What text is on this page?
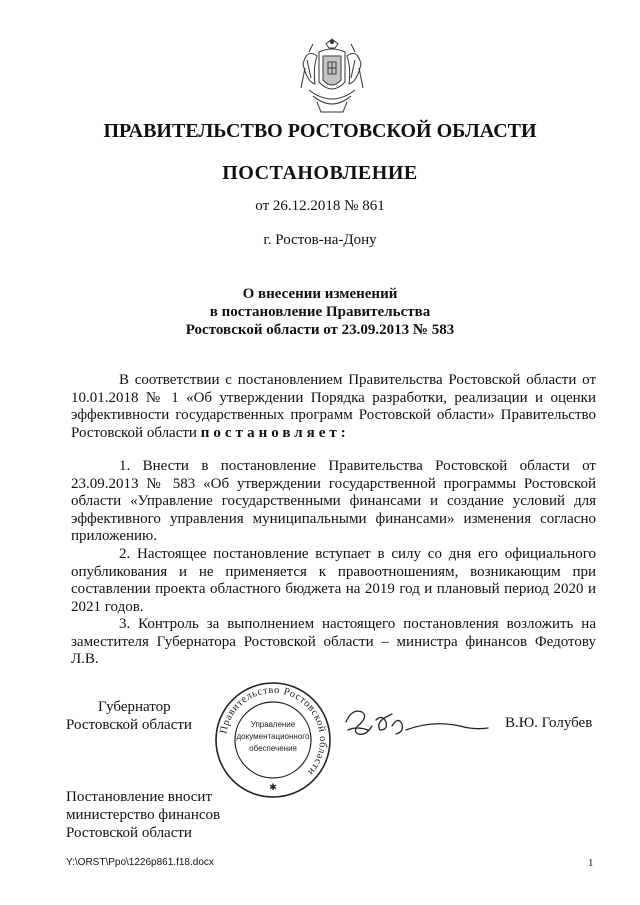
ПРАВИТЕЛЬСТВО РОСТОВСКОЙ ОБЛАСТИ
ПОСТАНОВЛЕНИЕ
от 26.12.2018 № 861
г. Ростов-на-Дону
О внесении изменений
в постановление Правительства
Ростовской области от 23.09.2013 № 583
В соответствии с постановлением Правительства Ростовской области от 10.01.2018 № 1 «Об утверждении Порядка разработки, реализации и оценки эффективности государственных программ Ростовской области» Правительство Ростовской области постановляет:
1. Внести в постановление Правительства Ростовской области от 23.09.2013 № 583 «Об утверждении государственной программы Ростовской области «Управление государственными финансами и создание условий для эффективного управления муниципальными финансами» изменения согласно приложению.
2. Настоящее постановление вступает в силу со дня его официального опубликования и не применяется к правоотношениям, возникающим при составлении проекта областного бюджета на 2019 год и плановый период 2020 и 2021 годов.
3. Контроль за выполнением настоящего постановления возложить на заместителя Губернатора Ростовской области – министра финансов Федотову Л.В.
Губернатор
Ростовской области	Правительство Ростовской области
Управление
документационного
обеспечения
✱
В.Ю. Голубев
Постановление вносит
министерство финансов
Ростовской области
Y:\ORST\Ppo\1226p861.f18.docx	1
